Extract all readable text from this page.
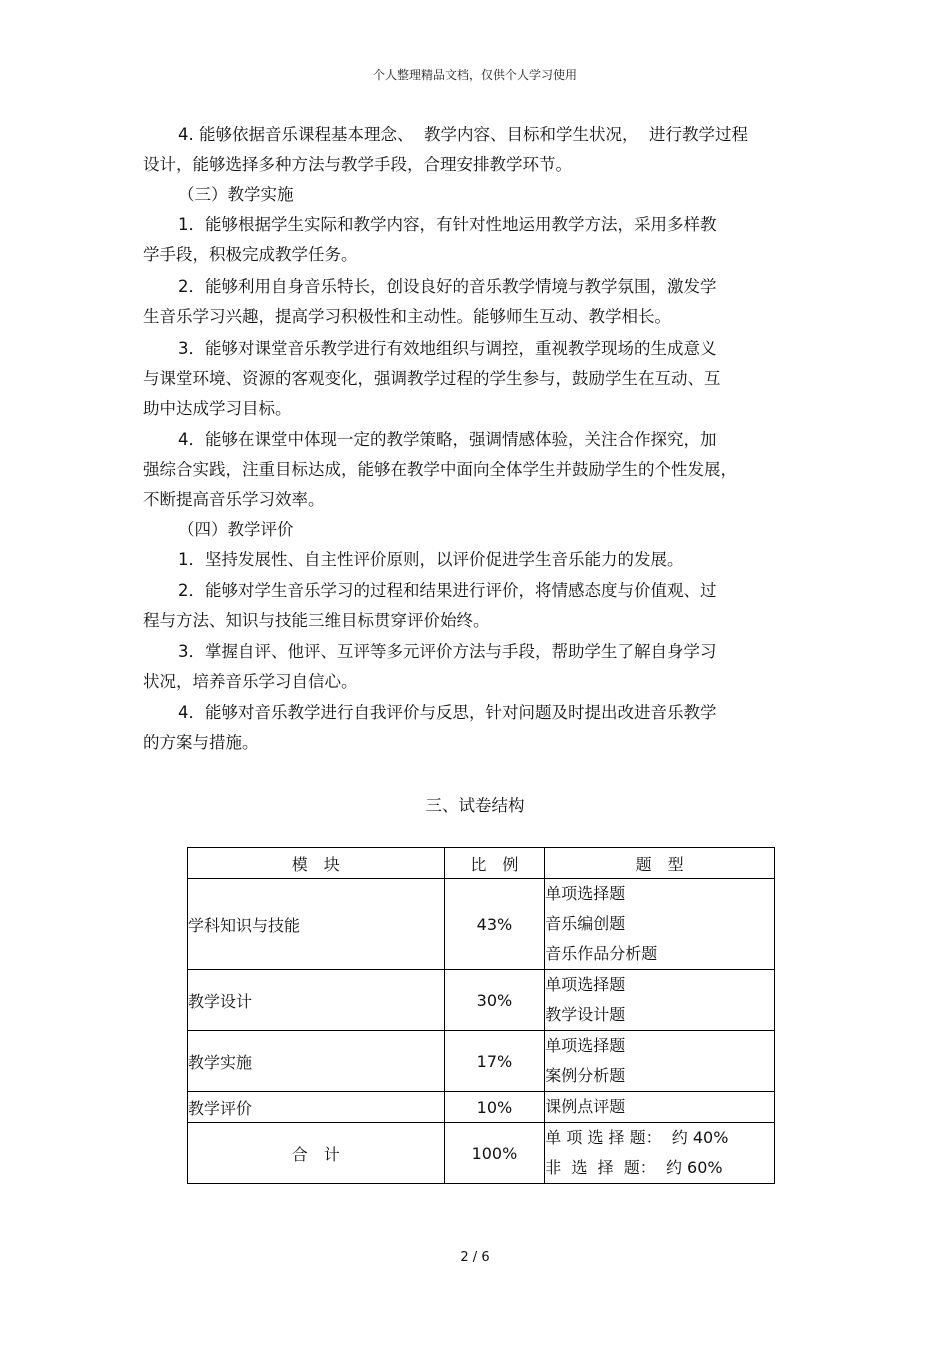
个人整理精品文档，仅供个人学习使用
4. 能够依据音乐课程基本理念、  教学内容、目标和学生状况，  进行教学过程
设计，能够选择多种方法与教学手段，合理安排教学环节。
（三）教学实施
1．能够根据学生实际和教学内容，有针对性地运用教学方法，采用多样教
学手段，积极完成教学任务。
2．能够利用自身音乐特长，创设良好的音乐教学情境与教学氛围，激发学
生音乐学习兴趣，提高学习积极性和主动性。能够师生互动、教学相长。
3．能够对课堂音乐教学进行有效地组织与调控，重视教学现场的生成意义
与课堂环境、资源的客观变化，强调教学过程的学生参与，鼓励学生在互动、互
助中达成学习目标。
4．能够在课堂中体现一定的教学策略，强调情感体验，关注合作探究，加
强综合实践，注重目标达成，能够在教学中面向全体学生并鼓励学生的个性发展，
不断提高音乐学习效率。
（四）教学评价
1．坚持发展性、自主性评价原则，以评价促进学生音乐能力的发展。
2．能够对学生音乐学习的过程和结果进行评价，将情感态度与价值观、过
程与方法、知识与技能三维目标贯穿评价始终。
3．掌握自评、他评、互评等多元评价方法与手段，帮助学生了解自身学习
状况，培养音乐学习自信心。
4．能够对音乐教学进行自我评价与反思，针对问题及时提出改进音乐教学
的方案与措施。
三、试卷结构
模　块	比　例	题　型
学科知识与技能	43%	单项选择题
音乐编创题
音乐作品分析题

教学设计	30%	单项选择题
教学设计题

教学实施	17%	单项选择题
案例分析题

教学评价	10%	课例点评题

合　计	100%	单 项 选 择 题：  约 40%
非  选  择  题：  约 60%
2 / 6
